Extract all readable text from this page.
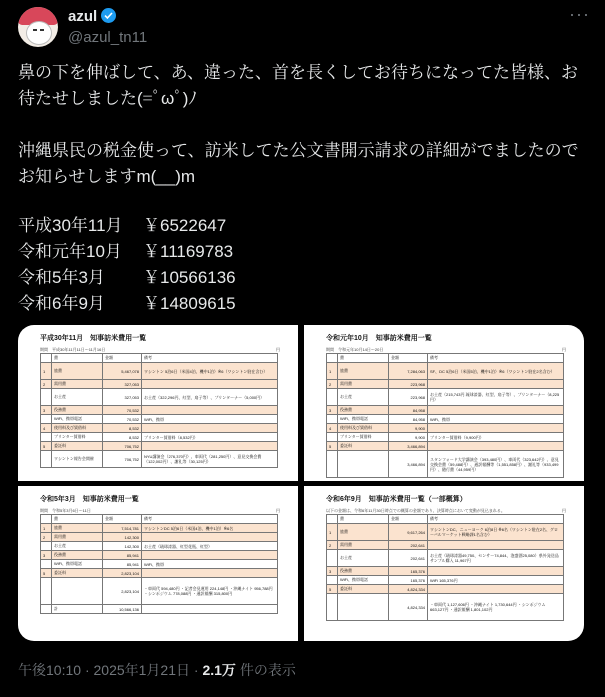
azul
@azul_tn11
···
鼻の下を伸ばして、あ、違った、首を長くしてお待ちになってた皆様、お待たせしました(=ﾟωﾟ)ﾉ

沖縄県民の税金使って、訪米してた公文書開示請求の詳細がでましたのでお知らせしますm(__)m
平成30年11月	￥6522647
令和元年10月	￥11169783
令和5年3月	￥10566136
令和6年9月	￥14809615
平成30年11月　知事訪米費用一覧
期間　平成30年11月11日～11月16日	円
	費	金額	備考
1	旅費	5,467,078	ワシントン 5泊6日（米国4泊、機中1泊）※6（ワシントン駐在含む）
2	需用費	327,053	
	お土産	327,053	お土産（322,296円、紅型、扇子等）、プリンターナー（5,000円）
3	役務費	70,532	
	WiFi、携帯電話	70,532	WiFi、携帯
4	使用料及び賃借料	8,532	
	プリンター賃借料	8,532	プリンター賃借料（8,532円）
5	委託料	706,752	
	ワシントン報告会開催	706,752	NYU講演会（276,370円）、車両代（281,250円）、意見交換会費（122,002円）、謝礼等（30,125円）
令和元年10月　知事訪米費用一覧
期間　令和元年10月14日～20日	円
	費	金額	備考
1	旅費	7,284,063	SF、DC 5泊6日（米国5泊、機中1泊）※6（ワシントン駐在2名含む）
2	需用費	223,968	
	お土産	223,968	お土産（215,743円 琉球漆器、紅型、扇子等）、プリンターナー（8,225円）
3	役務費	84,958	
	WiFi、携帯電話	84,958	WiFi、携帯
4	使用料及び賃借料	9,900	
	プリンター賃借料	9,900	プリンター賃借料（9,900円）
5	委託料	3,466,894	
		3,466,894	スタンフォード大学講演会（393,480円）、車両代（323,642円）、意見交換会費（59,488円）、通訳報酬等（1,551,858円）、謝礼等（933,499円）、随行費（44,959円）
令和5年3月　知事訪米費用一覧
期間　令和5年3月6日～11日	円
	費	金額	備考
1	旅費	7,514,781	ワシントンDC 5泊6日（米国4泊、機中1泊）※6名
2	需用費	142,300	
	お土産	142,300	お土産（琉球漆器、紅型花瓶、紅型）
3	役務費	85,941	
	WiFi、携帯電話	85,941	WiFi、携帯
5	委託料	2,823,104	
		2,823,104	・車両代 594,480円 ・記者会見運用 224,148円 ・沖縄ナイト 956,788円 ・シンポジウム 778,088円 ・通訳報酬 315,800円
	計	10,566,136	
令和6年9月　知事訪米費用一覧（一部概算）
以下の金額は、令和6年11月30日時点での概算の金額であり、決算時点において変動が見込まれる。	円
	費	金額	備考
1	旅費	9,617,264	ワシントンDC、ニューヨーク 6泊8日 ※6名（ワシントン駐在2名、グローバルマーケット戦略課1名含む）
2	需用費	202,641	
	お土産	202,641	お土産（琉球漆器49,750、センサー74,844、泡盛酒25,080）県外発送品サンプル購入 11,967円
3	役務費	165,376	
	WiFi、携帯電話	165,376	WiFi 165,376円
5	委託料	4,824,334	
		4,824,334	・車両代 1,127,606円 ・沖縄ナイト 1,730,644円 ・シンポジウム 663,127円 ・通訳報酬 1,801,102円
午後10:10 · 2025年1月21日 · 2.1万 件の表示
